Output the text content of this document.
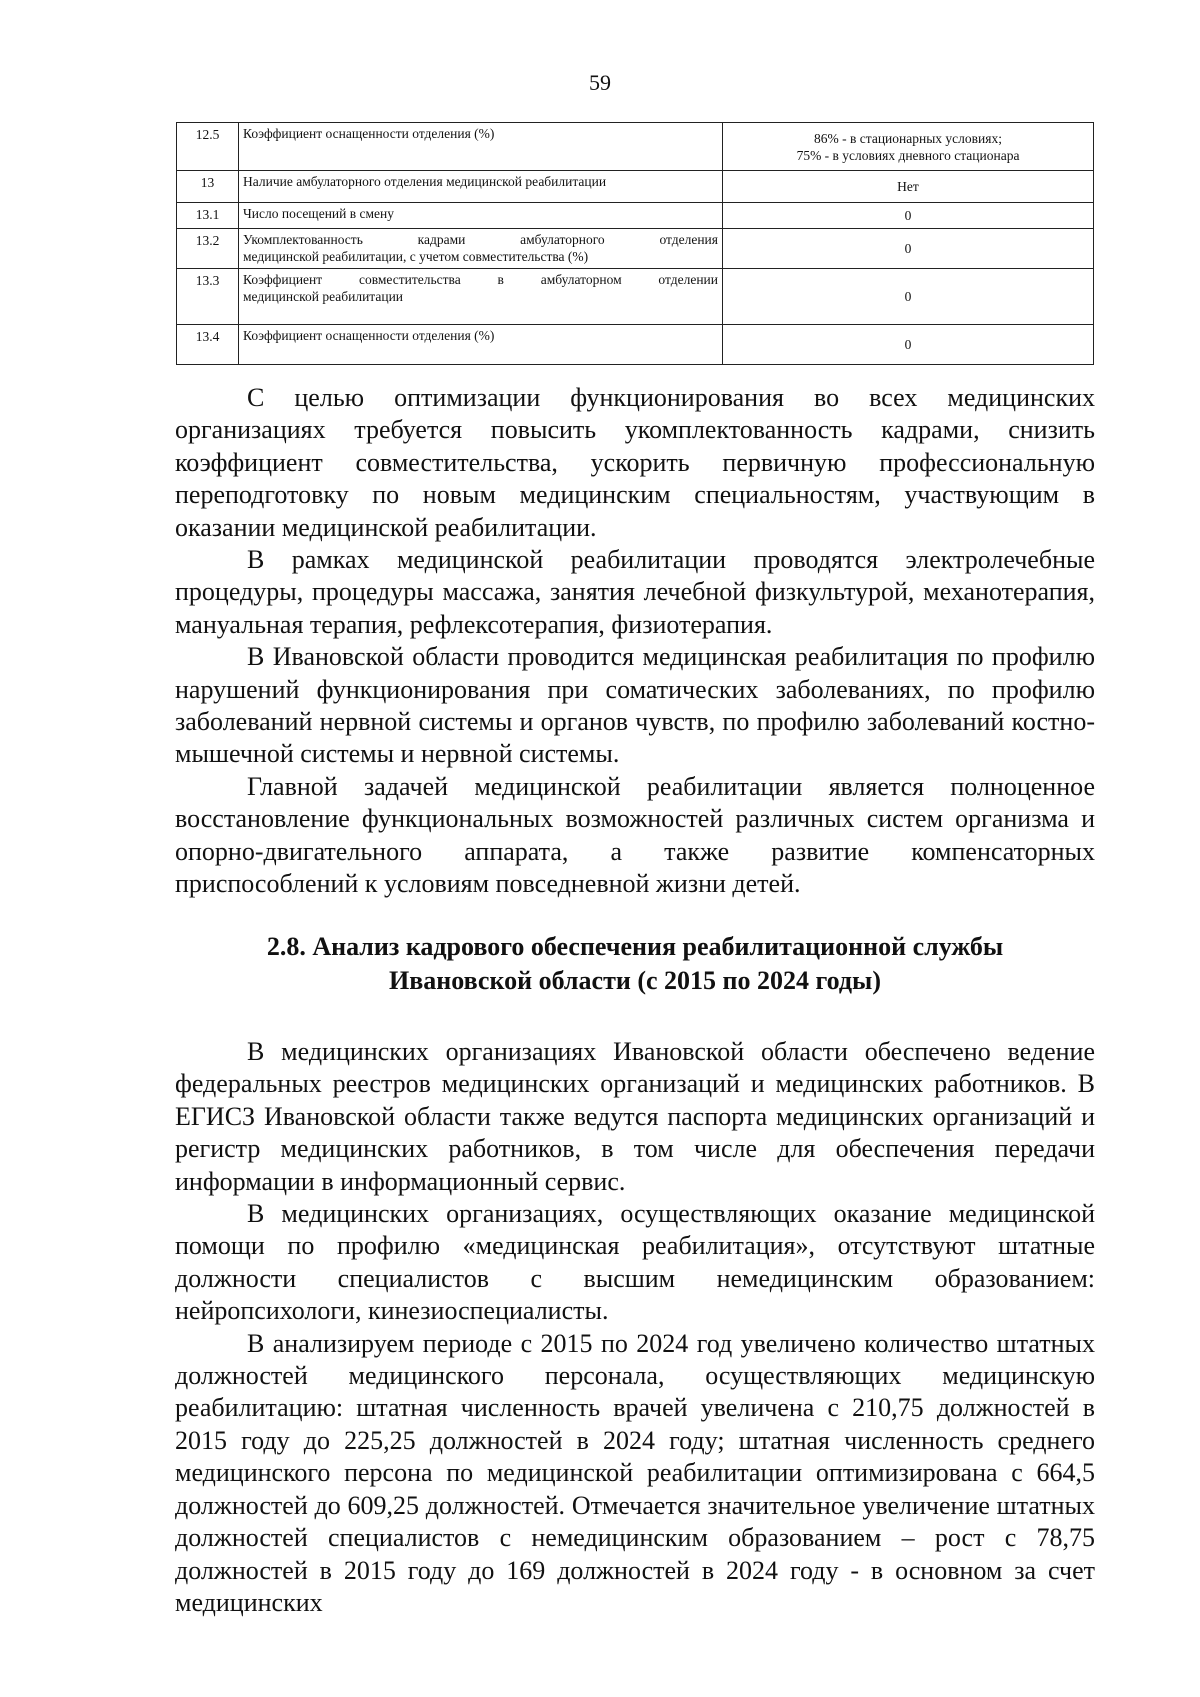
59
12.5	Коэффициент оснащенности отделения (%)	86% - в стационарных условиях;
75% - в условиях дневного стационара

13	Наличие амбулаторного отделения медицинской реабилитации	Нет
13.1	Число посещений в смену	0
13.2	Укомплектованность кадрами амбулаторного отделения
медицинской реабилитации, с учетом совместительства (%)	0
13.3	Коэффициент совместительства в амбулаторном отделении
медицинской реабилитации	0
13.4	Коэффициент оснащенности отделения (%)	0

С целью оптимизации функционирования во всех медицинских организациях требуется повысить укомплектованность кадрами, снизить коэффициент совместительства, ускорить первичную профессиональную переподготовку по новым медицинским специальностям, участвующим в оказании медицинской реабилитации.

В рамках медицинской реабилитации проводятся электролечебные процедуры, процедуры массажа, занятия лечебной физкультурой, механотерапия, мануальная терапия, рефлексотерапия, физиотерапия.

В Ивановской области проводится медицинская реабилитация по профилю нарушений функционирования при соматических заболеваниях, по профилю заболеваний нервной системы и органов чувств, по профилю заболеваний костно-мышечной системы и нервной системы.

Главной задачей медицинской реабилитации является полноценное восстановление функциональных возможностей различных систем организма и опорно-двигательного аппарата, а также развитие компенсаторных приспособлений к условиям повседневной жизни детей.

2.8. Анализ кадрового обеспечения реабилитационной службы
Ивановской области (с 2015 по 2024 годы)

В медицинских организациях Ивановской области обеспечено ведение федеральных реестров медицинских организаций и медицинских работников. В ЕГИСЗ Ивановской области также ведутся паспорта медицинских организаций и регистр медицинских работников, в том числе для обеспечения передачи информации в информационный сервис.

В медицинских организациях, осуществляющих оказание медицинской помощи по профилю «медицинская реабилитация», отсутствуют штатные должности специалистов с высшим немедицинским образованием: нейропсихологи, кинезиоспециалисты.

В анализируем периоде с 2015 по 2024 год увеличено количество штатных должностей медицинского персонала, осуществляющих медицинскую реабилитацию: штатная численность врачей увеличена с 210,75 должностей в 2015 году до 225,25 должностей в 2024 году; штатная численность среднего медицинского персона по медицинской реабилитации оптимизирована с 664,5 должностей до 609,25 должностей. Отмечается значительное увеличение штатных должностей специалистов с немедицинским образованием – рост с 78,75 должностей в 2015 году до 169 должностей в 2024 году - в основном за счет медицинских
